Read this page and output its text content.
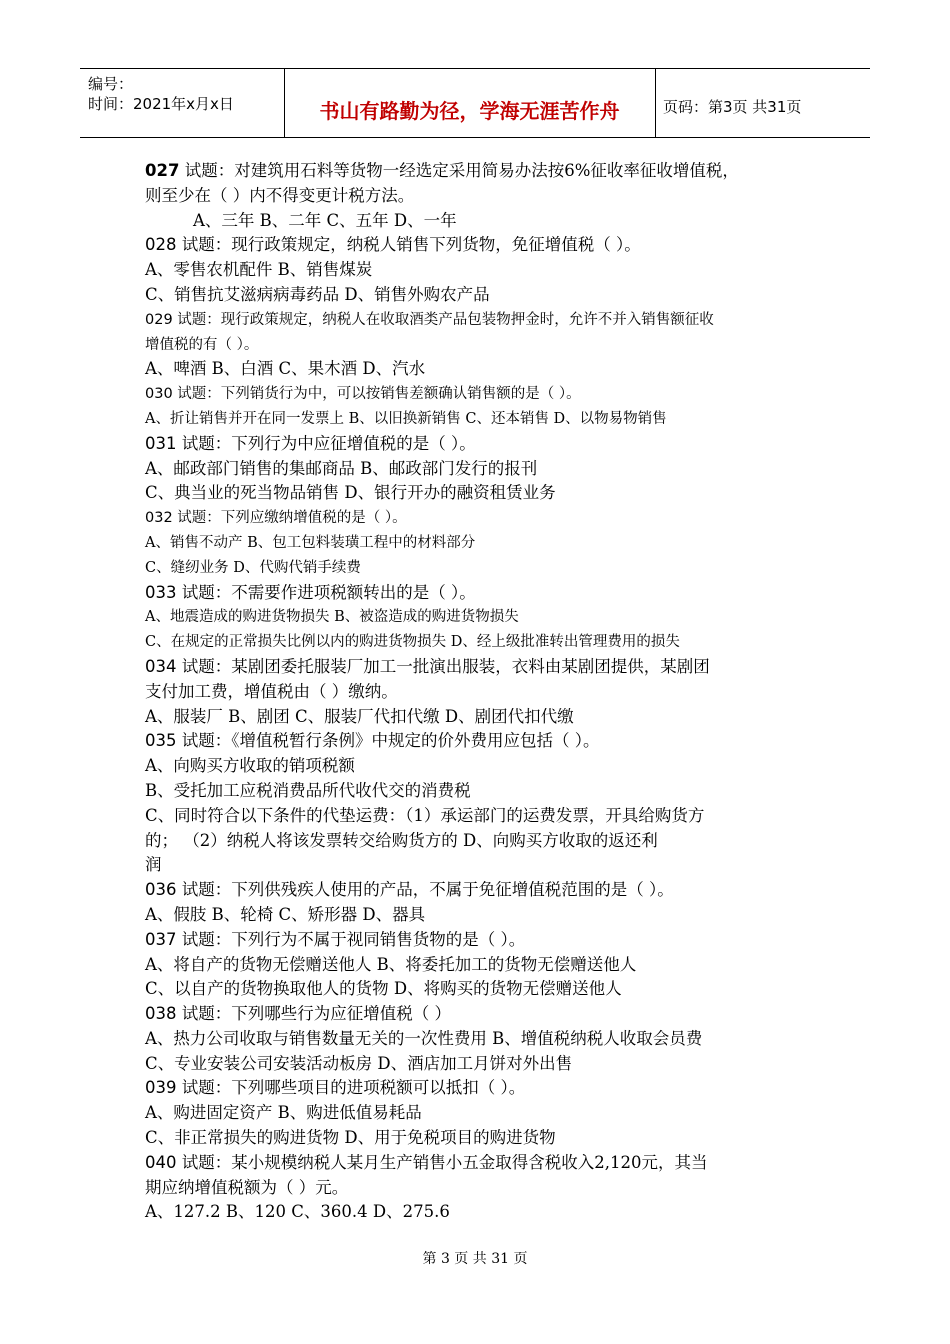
编号：
时间：2021年x月x日	书山有路勤为径，学海无涯苦作舟	页码：第3页 共31页
027 试题：对建筑用石料等货物一经选定采用简易办法按6%征收率征收增值税，
则至少在（ ）内不得变更计税方法。
A、三年 B、二年 C、五年 D、一年
028 试题：现行政策规定，纳税人销售下列货物，免征增值税（ ）。
A、零售农机配件 B、销售煤炭
C、销售抗艾滋病病毒药品 D、销售外购农产品
029 试题：现行政策规定，纳税人在收取酒类产品包装物押金时，允许不并入销售额征收
增值税的有（ ）。
A、啤酒 B、白酒 C、果木酒 D、汽水
030 试题：下列销货行为中，可以按销售差额确认销售额的是（ ）。
A、折让销售并开在同一发票上 B、以旧换新销售 C、还本销售 D、以物易物销售
031 试题：下列行为中应征增值税的是（ ）。
A、邮政部门销售的集邮商品 B、邮政部门发行的报刊
C、典当业的死当物品销售 D、银行开办的融资租赁业务
032 试题：下列应缴纳增值税的是（ ）。
A、销售不动产 B、包工包料装璜工程中的材料部分
C、缝纫业务 D、代购代销手续费
033 试题：不需要作进项税额转出的是（ ）。
A、地震造成的购进货物损失 B、被盗造成的购进货物损失
C、在规定的正常损失比例以内的购进货物损失 D、经上级批准转出管理费用的损失
034 试题：某剧团委托服装厂加工一批演出服装，衣料由某剧团提供，某剧团
支付加工费，增值税由（ ）缴纳。
A、服装厂 B、剧团 C、服装厂代扣代缴 D、剧团代扣代缴
035 试题：《增值税暂行条例》中规定的价外费用应包括（ ）。
A、向购买方收取的销项税额
B、受托加工应税消费品所代收代交的消费税
C、同时符合以下条件的代垫运费：（1）承运部门的运费发票，开具给购货方
的； （2）纳税人将该发票转交给购货方的 D、向购买方收取的返还利
润
036 试题：下列供残疾人使用的产品，不属于免征增值税范围的是（ ）。
A、假肢 B、轮椅 C、矫形器 D、器具
037 试题：下列行为不属于视同销售货物的是（ ）。
A、将自产的货物无偿赠送他人 B、将委托加工的货物无偿赠送他人
C、以自产的货物换取他人的货物 D、将购买的货物无偿赠送他人
038 试题：下列哪些行为应征增值税（ ）
A、热力公司收取与销售数量无关的一次性费用 B、增值税纳税人收取会员费
C、专业安装公司安装活动板房 D、酒店加工月饼对外出售
039 试题：下列哪些项目的进项税额可以抵扣（ ）。
A、购进固定资产 B、购进低值易耗品
C、非正常损失的购进货物 D、用于免税项目的购进货物
040 试题：某小规模纳税人某月生产销售小五金取得含税收入2,120元，其当
期应纳增值税额为（ ）元。
A、127.2 B、120 C、360.4 D、275.6
第 3 页 共 31 页
